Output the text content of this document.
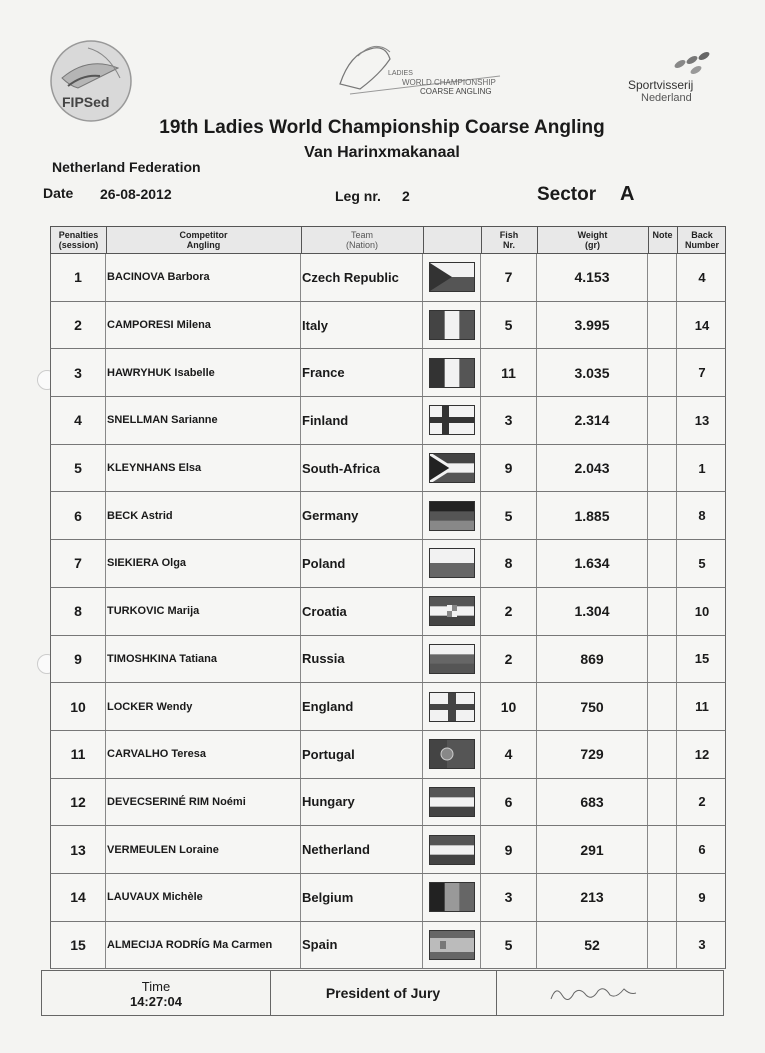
FIPSed
LADIES
WORLD CHAMPIONSHIP
COARSE ANGLING	Sportvisserij
Nederland
19th Ladies World Championship Coarse Angling
Van Harinxmakanaal
Netherland Federation
Date 26-08-2012	Leg nr. 2	Sector A
Penalties
(session)
Competitor
Angling
Team
(Nation)
Fish
Nr.
Weight
(gr)
Note	Back
Number
1	BACINOVA Barbora	Czech Republic	7	4.153	4
2	CAMPORESI Milena	Italy	5	3.995	14
3	HAWRYHUK Isabelle	France	11	3.035	7
4	SNELLMAN Sarianne	Finland	3	2.314	13
5	KLEYNHANS Elsa	South-Africa	9	2.043	1
6	BECK Astrid	Germany	5	1.885	8
7	SIEKIERA Olga	Poland	8	1.634	5
8	TURKOVIC Marija	Croatia	2	1.304	10
9	TIMOSHKINA Tatiana	Russia	2	869	15
10	LOCKER Wendy	England	10	750	11
11	CARVALHO Teresa	Portugal	4	729	12
12	DEVECSERINÉ RIM Noémi	Hungary	6	683	2
13	VERMEULEN Loraine	Netherland	9	291	6
14	LAUVAUX Michèle	Belgium	3	213	9
15	ALMECIJA RODRÍG Ma Carmen	Spain	5	52	3
Time
14:27:04
President of Jury
